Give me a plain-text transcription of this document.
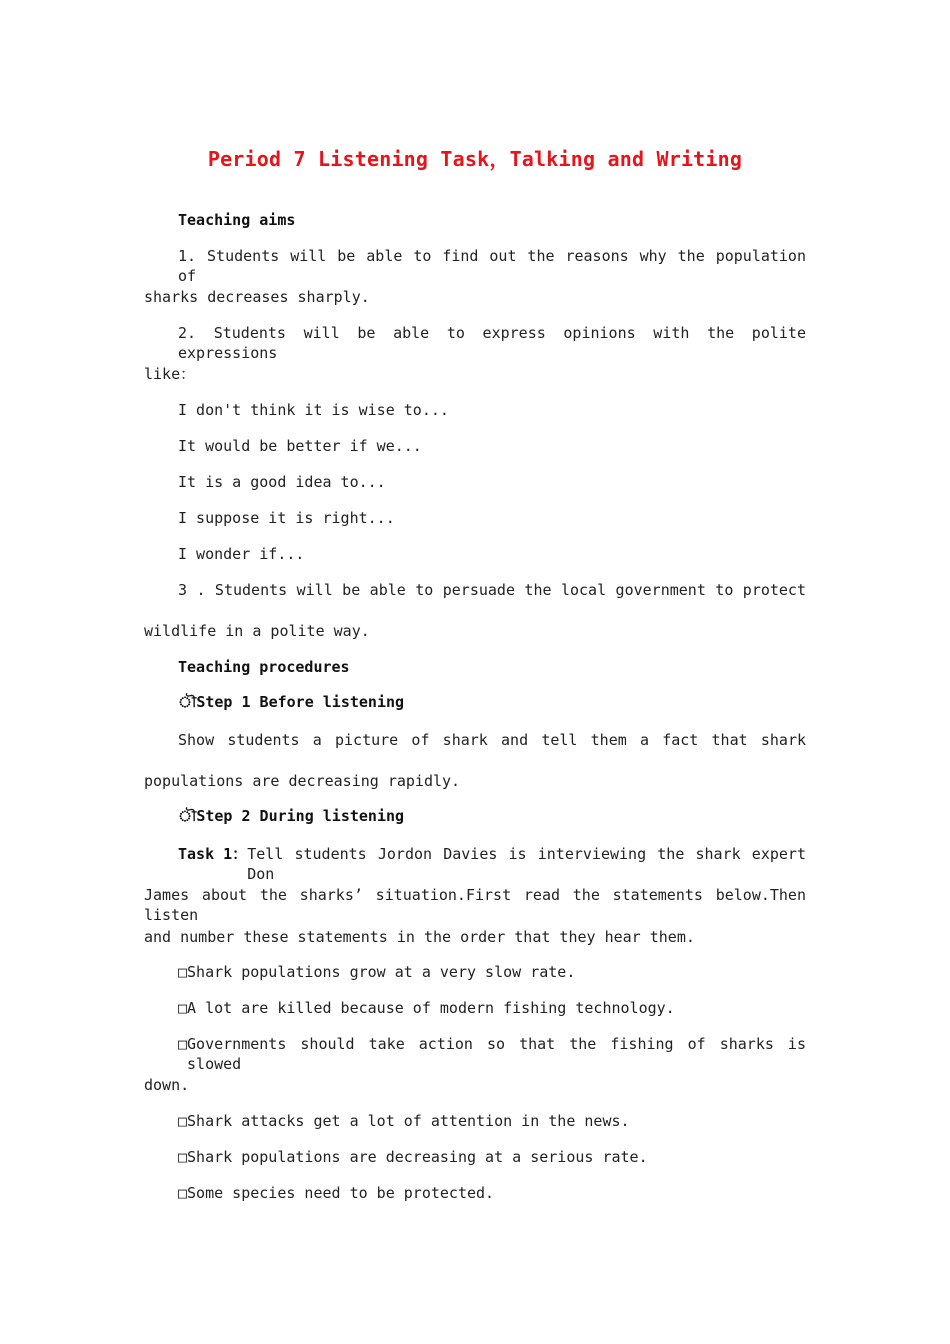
Period 7 Listening Task，Talking and Writing
Teaching aims
1. Students will be able to find out the reasons why the population of
sharks decreases sharply.
2. Students will be able to express opinions with the polite expressions
like：
I don't think it is wise to...
It would be better if we...
It is a good idea to...
I suppose it is right...
I wonder if...
3 . Students will be able to persuade the local government to protect
wildlife in a polite way.
Teaching procedures
ৗStep 1 Before listening
Show students a picture of shark and tell them a fact that shark
populations are decreasing rapidly.
ৗStep 2 During listening
Task 1： Tell students Jordon Davies is interviewing the shark expert Don
James about the sharks’ situation.First read the statements below.Then listen
and number these statements in the order that they hear them.
□Shark populations grow at a very slow rate.
□A lot are killed because of modern fishing technology.
□ Governments should take action so that the fishing of sharks is slowed
down.
□Shark attacks get a lot of attention in the news.
□Shark populations are decreasing at a serious rate.
□Some species need to be protected.
